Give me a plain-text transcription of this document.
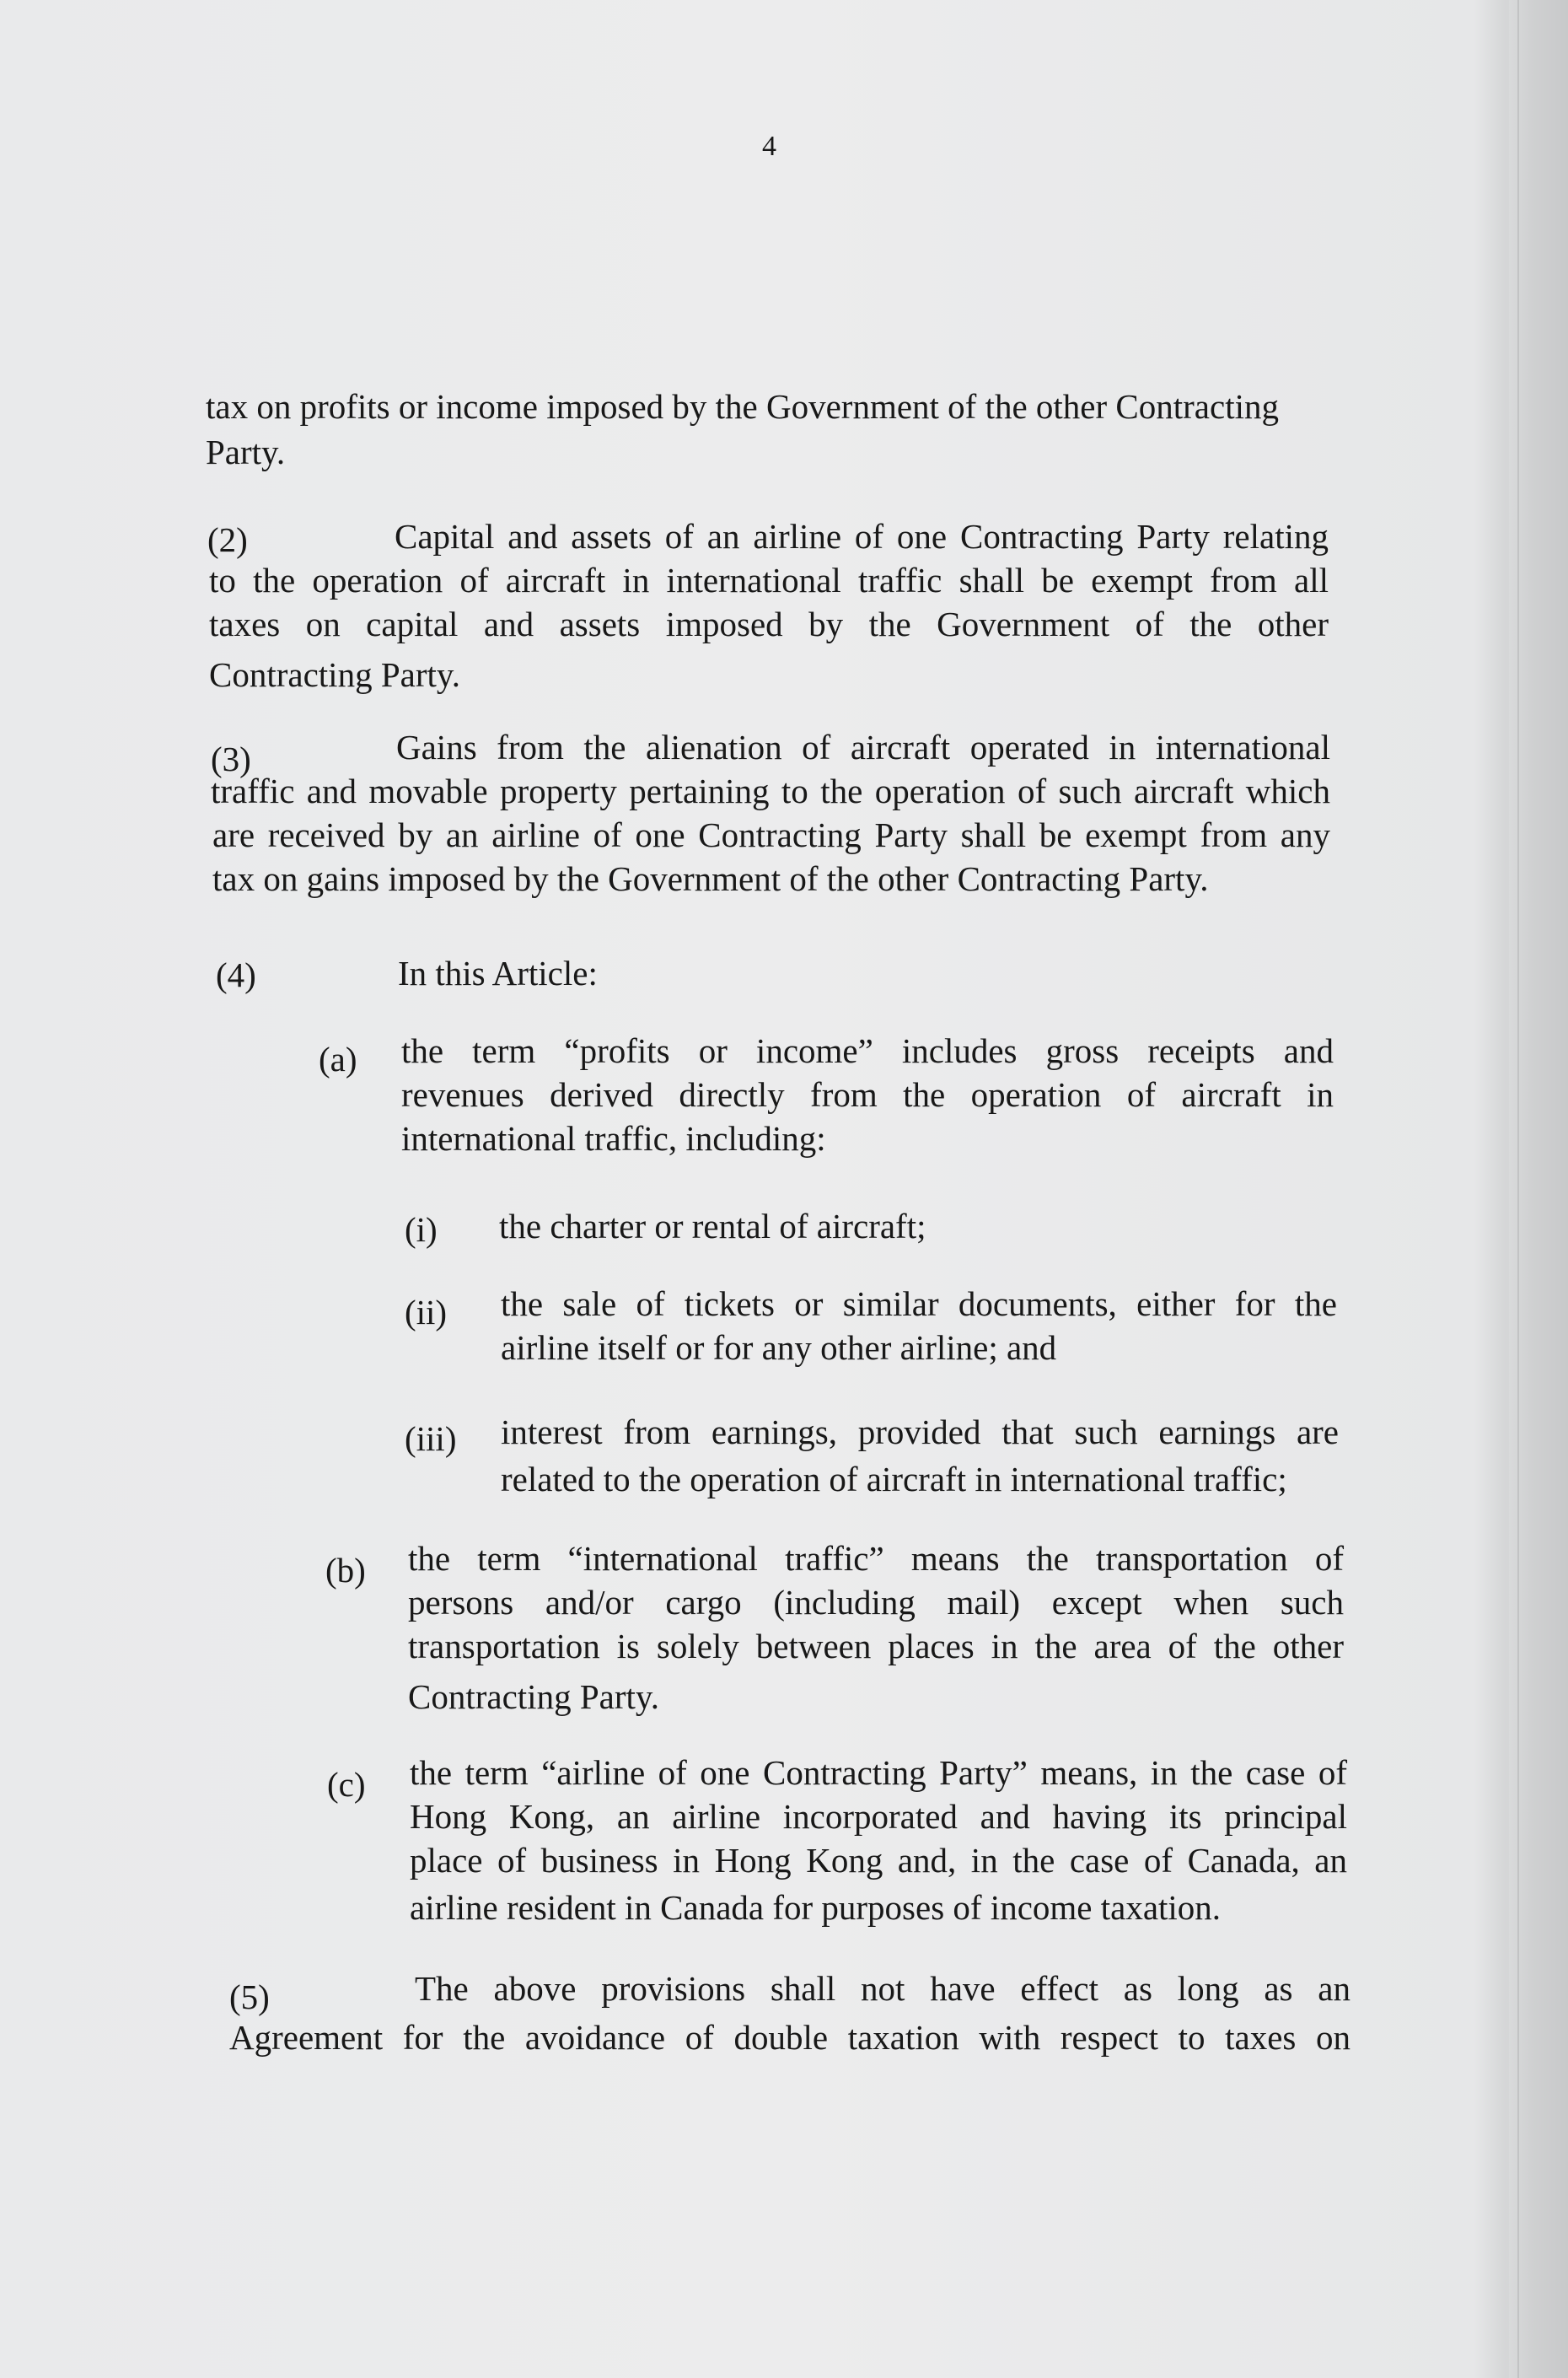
4
tax on profits or income imposed by the Government of the other Contracting
Party.
(2)	Capital and assets of an airline of one Contracting Party relating
to the operation of aircraft in international traffic shall be exempt from all
taxes on capital and assets imposed by the Government of the other
Contracting Party.
(3)	Gains from the alienation of aircraft operated in international
traffic and movable property pertaining to the operation of such aircraft which
are received by an airline of one Contracting Party shall be exempt from any
tax on gains imposed by the Government of the other Contracting Party.
(4)	In this Article:
(a) the term “profits or income” includes gross receipts and
revenues derived directly from the operation of aircraft in
international traffic, including:
(i) the charter or rental of aircraft;
(ii) the sale of tickets or similar documents, either for the
airline itself or for any other airline; and
(iii) interest from earnings, provided that such earnings are
related to the operation of aircraft in international traffic;
(b) the term “international traffic” means the transportation of
persons and/or cargo (including mail) except when such
transportation is solely between places in the area of the other
Contracting Party.
(c) the term “airline of one Contracting Party” means, in the case of
Hong Kong, an airline incorporated and having its principal
place of business in Hong Kong and, in the case of Canada, an
airline resident in Canada for purposes of income taxation.
(5)	The above provisions shall not have effect as long as an
Agreement for the avoidance of double taxation with respect to taxes on
